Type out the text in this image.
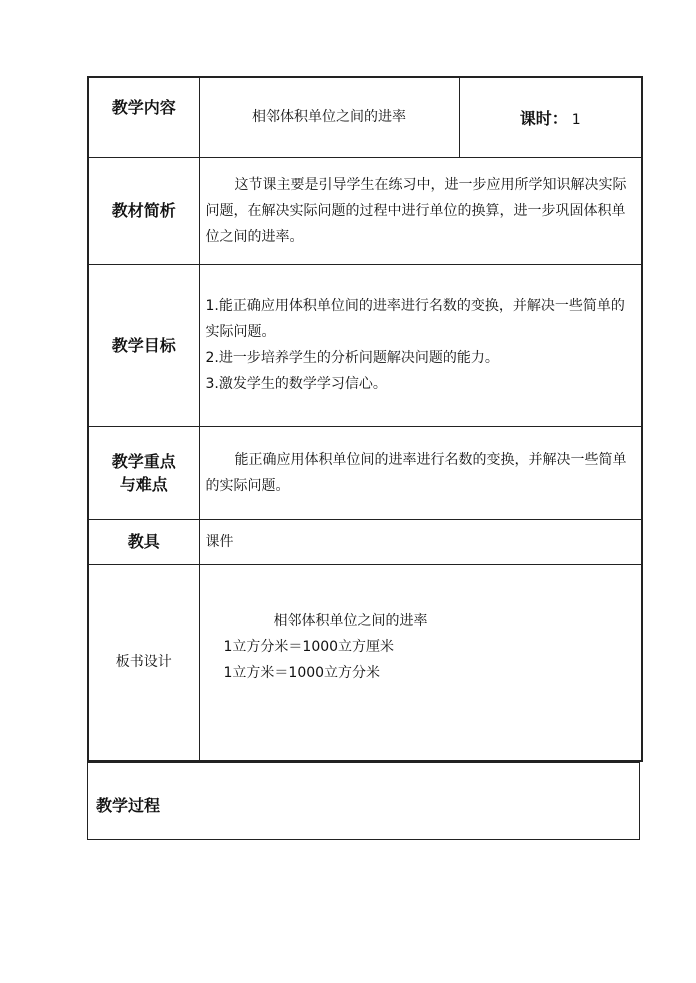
教学内容	相邻体积单位之间的进率	课时： 1
教材简析	这节课主要是引导学生在练习中，进一步应用所学知识解决实际问题，在解决实际问题的过程中进行单位的换算，进一步巩固体积单位之间的进率。	
教学目标	1.能正确应用体积单位间的进率进行名数的变换，并解决一些简单的实际问题。

2.进一步培养学生的分析问题解决问题的能力。

3.激发学生的数学学习信心。	

教学重点
与难点	能正确应用体积单位间的进率进行名数的变换，并解决一些简单的实际问题。	
教具	课件	
板书设计	相邻体积单位之间的进率
1立方分米＝1000立方厘米
1立方米＝1000立方分米	
教学过程
